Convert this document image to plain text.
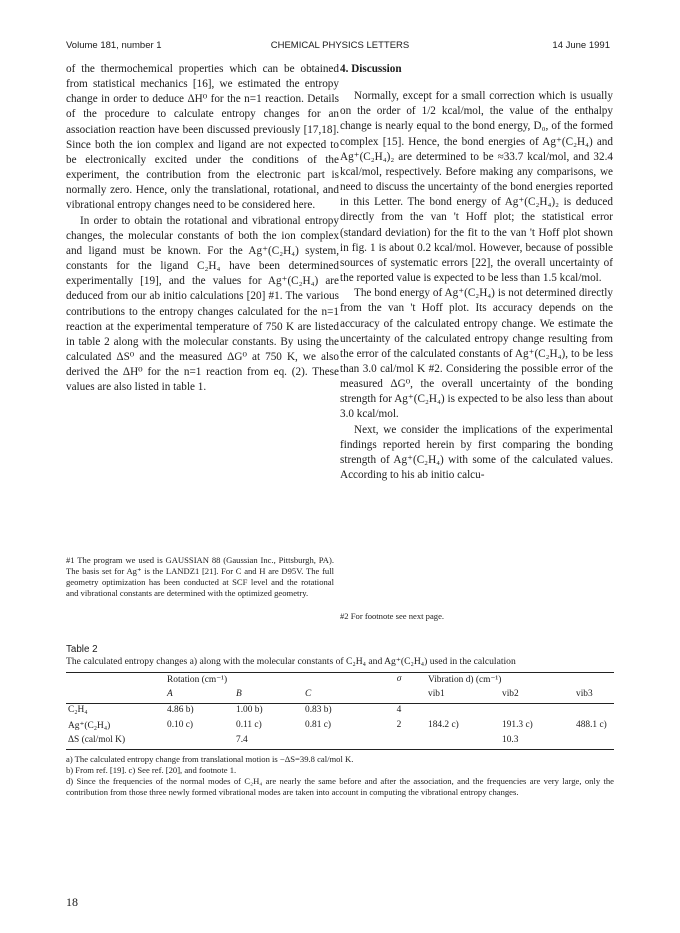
Volume 181, number 1	CHEMICAL PHYSICS LETTERS	14 June 1991

of the thermochemical properties which can be obtained from statistical mechanics [16], we estimated the entropy change in order to deduce ΔH⁰ for the n=1 reaction. Details of the procedure to calculate entropy changes for an association reaction have been discussed previously [17,18]. Since both the ion complex and ligand are not expected to be electronically excited under the conditions of the experiment, the contribution from the electronic part is normally zero. Hence, only the translational, rotational, and vibrational entropy changes need to be considered here.

In order to obtain the rotational and vibrational entropy changes, the molecular constants of both the ion complex and ligand must be known. For the Ag⁺(C₂H₄) system, constants for the ligand C₂H₄ have been determined experimentally [19], and the values for Ag⁺(C₂H₄) are deduced from our ab initio calculations [20] #1. The various contributions to the entropy changes calculated for the n=1 reaction at the experimental temperature of 750 K are listed in table 2 along with the molecular constants. By using the calculated ΔS⁰ and the measured ΔG⁰ at 750 K, we also derived the ΔH⁰ for the n=1 reaction from eq. (2). These values are also listed in table 1.

#1 The program we used is GAUSSIAN 88 (Gaussian Inc., Pittsburgh, PA). The basis set for Ag⁺ is the LANDZ1 [21]. For C and H are D95V. The full geometry optimization has been conducted at SCF level and the rotational and vibrational constants are determined with the optimized geometry.

4. Discussion

Normally, except for a small correction which is usually on the order of 1/2 kcal/mol, the value of the enthalpy change is nearly equal to the bond energy, D₀, of the formed complex [15]. Hence, the bond energies of Ag⁺(C₂H₄) and Ag⁺(C₂H₄)₂ are determined to be ≈33.7 kcal/mol, and 32.4 kcal/mol, respectively. Before making any comparisons, we need to discuss the uncertainty of the bond energies reported in this Letter. The bond energy of Ag⁺(C₂H₄)₂ is deduced directly from the van 't Hoff plot; the statistical error (standard deviation) for the fit to the van 't Hoff plot shown in fig. 1 is about 0.2 kcal/mol. However, because of possible sources of systematic errors [22], the overall uncertainty of the reported value is expected to be less than 1.5 kcal/mol.

The bond energy of Ag⁺(C₂H₄) is not determined directly from the van 't Hoff plot. Its accuracy depends on the accuracy of the calculated entropy change. We estimate the uncertainty of the calculated entropy change resulting from the error of the calculated constants of Ag⁺(C₂H₄), to be less than 3.0 cal/mol K #2. Considering the possible error of the measured ΔG⁰, the overall uncertainty of the bonding strength for Ag⁺(C₂H₄) is expected to be also less than about 3.0 kcal/mol.

Next, we consider the implications of the experimental findings reported herein by first comparing the bonding strength of Ag⁺(C₂H₄) with some of the calculated values. According to his ab initio calcu-

#2 For footnote see next page.
Table 2
The calculated entropy changes a) along with the molecular constants of C₂H₄ and Ag⁺(C₂H₄) used in the calculation
	Rotation (cm⁻¹)			σ	Vibration d) (cm⁻¹)		
	A	B	C		vib1	vib2	vib3
C₂H₄	4.86 b)	1.00 b)	0.83 b)	4			
Ag⁺(C₂H₄)	0.10 c)	0.11 c)	0.81 c)	2	184.2 c)	191.3 c)	488.1 c)
ΔS (cal/mol K)		7.4				10.3	
a) The calculated entropy change from translational motion is −ΔS=39.8 cal/mol K.
b) From ref. [19]. c) See ref. [20], and footnote 1.
d) Since the frequencies of the normal modes of C₂H₄ are nearly the same before and after the association, and the frequencies are very large, only the contribution from those three newly formed vibrational modes are taken into account in computing the vibrational entropy changes.
18
